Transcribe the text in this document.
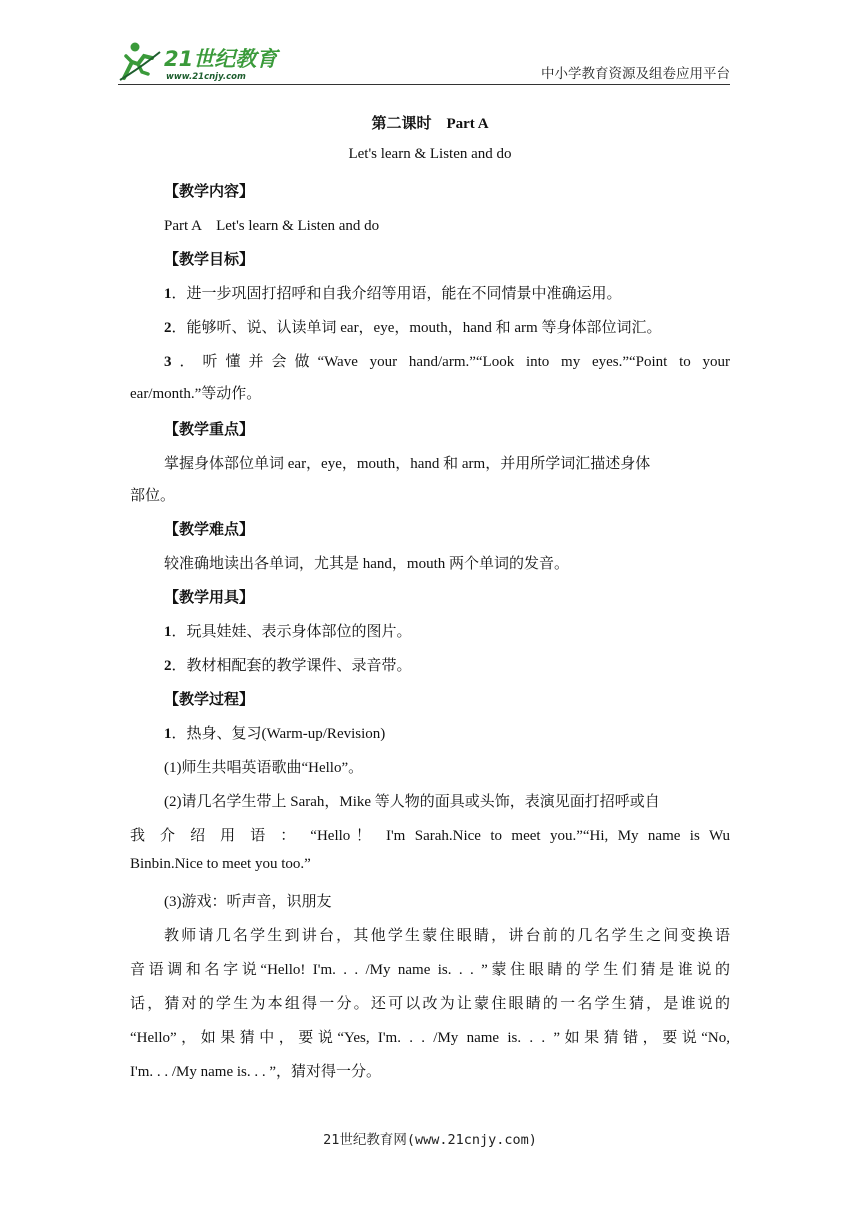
21世纪教育
www.21cnjy.com	中小学教育资源及组卷应用平台
第二课时　Part A
Let's learn & Listen and do
【教学内容】
Part A　Let's learn & Listen and do
【教学目标】
1．进一步巩固打招呼和自我介绍等用语，能在不同情景中准确运用。
2．能够听、说、认读单词 ear，eye，mouth，hand 和 arm 等身体部位词汇。
3．听懂并会做“Wave your hand/arm.”“Look into my eyes.”“Point to your
ear/month.”等动作。
【教学重点】
掌握身体部位单词 ear，eye，mouth，hand 和 arm，并用所学词汇描述身体
部位。
【教学难点】
较准确地读出各单词，尤其是 hand，mouth 两个单词的发音。
【教学用具】
1．玩具娃娃、表示身体部位的图片。
2．教材相配套的教学课件、录音带。
【教学过程】
1．热身、复习(Warm-up/Revision)
(1)师生共唱英语歌曲“Hello”。
(2)请几名学生带上 Sarah，Mike 等人物的面具或头饰，表演见面打招呼或自
我 介 绍 用 语 ： “Hello！ I'm Sarah.Nice to meet you.”“Hi, My name is Wu
Binbin.Nice to meet you too.”
(3)游戏：听声音，识朋友
教师请几名学生到讲台，其他学生蒙住眼睛，讲台前的几名学生之间变换语
音语调和名字说“Hello! I'm. . . /My name is. . . ”蒙住眼睛的学生们猜是谁说的
话，猜对的学生为本组得一分。还可以改为让蒙住眼睛的一名学生猜，是谁说的
“Hello”，如果猜中，要说“Yes, I'm. . . /My name is. . . ”如果猜错，要说“No,
I'm. . . /My name is. . . ”，猜对得一分。
21世纪教育网(www.21cnjy.com)
